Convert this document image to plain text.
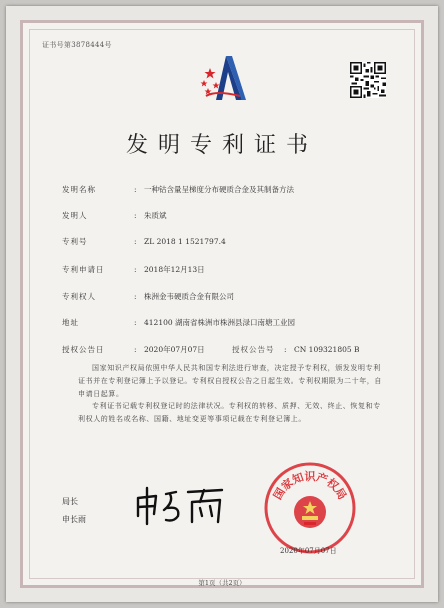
证书号第3878444号
发明专利证书
发明名称	: 一种钴含量呈梯度分布硬质合金及其制备方法
发明人	: 朱质斌
专利号	: ZL 2018 1 1521797.4
专利申请日	: 2018年12月13日
专利权人	: 株洲金韦硬质合金有限公司
地址	: 412100 湖南省株洲市株洲县渌口南塘工业园
授权公告日	: 2020年07月07日	授权公告号	: CN 109321805 B
国家知识产权局依照中华人民共和国专利法进行审查，决定授予专利权，颁发发明专利证书并在专利登记簿上予以登记。专利权自授权公告之日起生效。专利权期限为二十年，自申请日起算。
专利证书记载专利权登记时的法律状况。专利权的转移、质押、无效、终止、恢复和专利权人的姓名或名称、国籍、地址变更等事项记载在专利登记簿上。
局长
申长雨
国家知识产权局
2020年07月07日
第1页（共2页）
